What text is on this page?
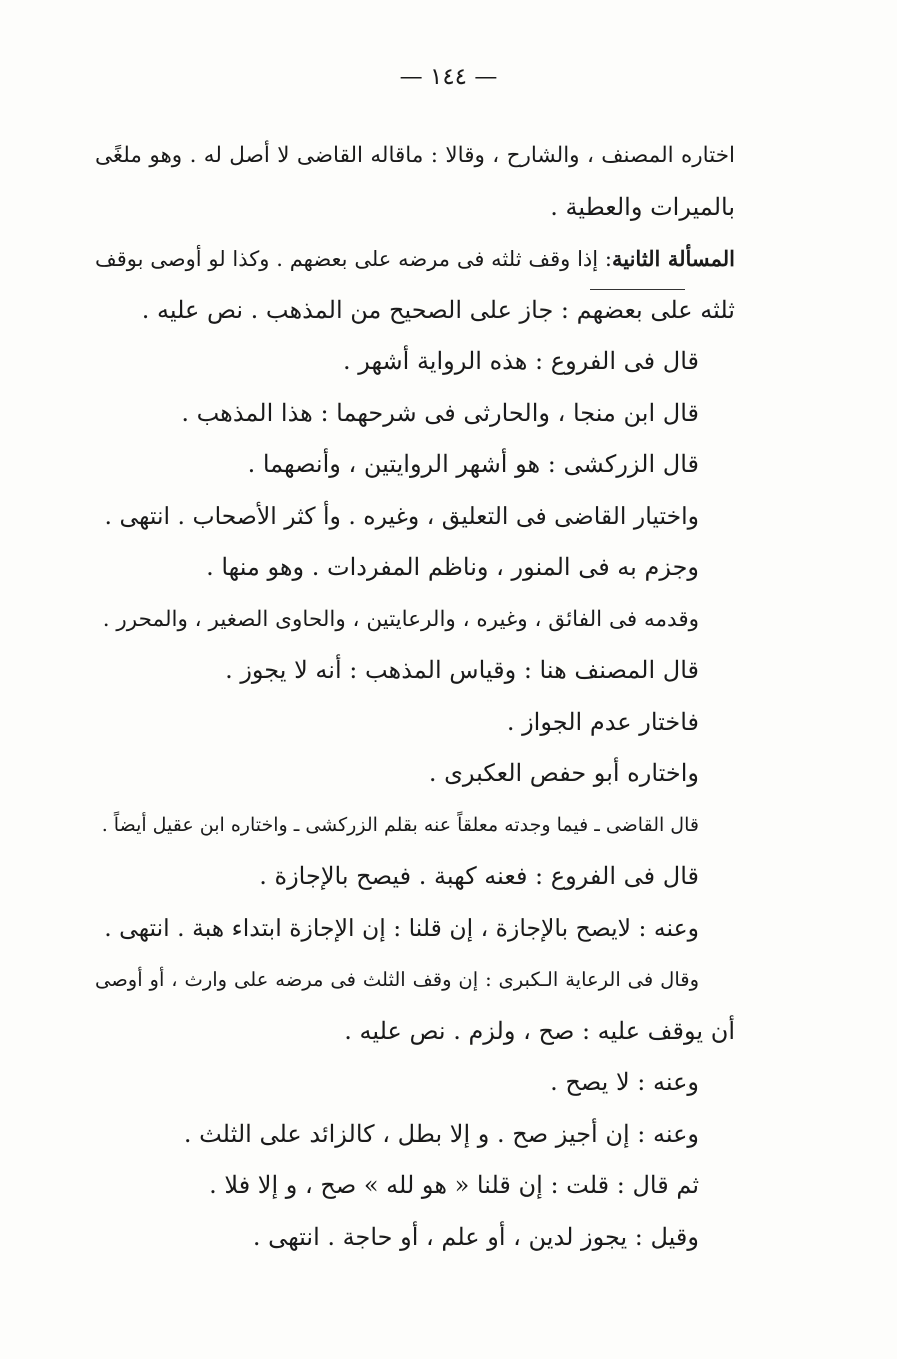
— ١٤٤ —
اختاره المصنف ، والشارح ، وقالا : ماقاله القاضى لا أصل له . وهو ملغًى
بالميرات والعطية .
المسألة الثانية: إذا وقف ثلثه فى مرضه على بعضهم . وكذا لو أوصى بوقف
ثلثه على بعضهم : جاز على الصحيح من المذهب . نص عليه .
قال فى الفروع : هذه الرواية أشهر .
قال ابن منجا ، والحارثى فى شرحهما : هذا المذهب .
قال الزركشى : هو أشهر الروايتين ، وأنصهما .
واختيار القاضى فى التعليق ، وغيره . وأ كثر الأصحاب . انتهى .
وجزم به فى المنور ، وناظم المفردات . وهو منها .
وقدمه فى الفائق ، وغيره ، والرعايتين ، والحاوى الصغير ، والمحرر .
قال المصنف هنا : وقياس المذهب : أنه لا يجوز .
فاختار عدم الجواز .
واختاره أبو حفص العكبرى .
قال القاضى ـ فيما وجدته معلقاً عنه بقلم الزركشى ـ واختاره ابن عقيل أيضاً .
قال فى الفروع : فعنه كهبة . فيصح بالإجازة .
وعنه : لايصح بالإجازة ، إن قلنا : إن الإجازة ابتداء هبة . انتهى .
وقال فى الرعاية الـكبرى : إن وقف الثلث فى مرضه على وارث ، أو أوصى
أن يوقف عليه : صح ، ولزم . نص عليه .
وعنه : لا يصح .
وعنه : إن أجيز صح . و إلا بطل ، كالزائد على الثلث .
ثم قال : قلت : إن قلنا « هو لله » صح ، و إلا فلا .
وقيل : يجوز لدين ، أو علم ، أو حاجة . انتهى .
